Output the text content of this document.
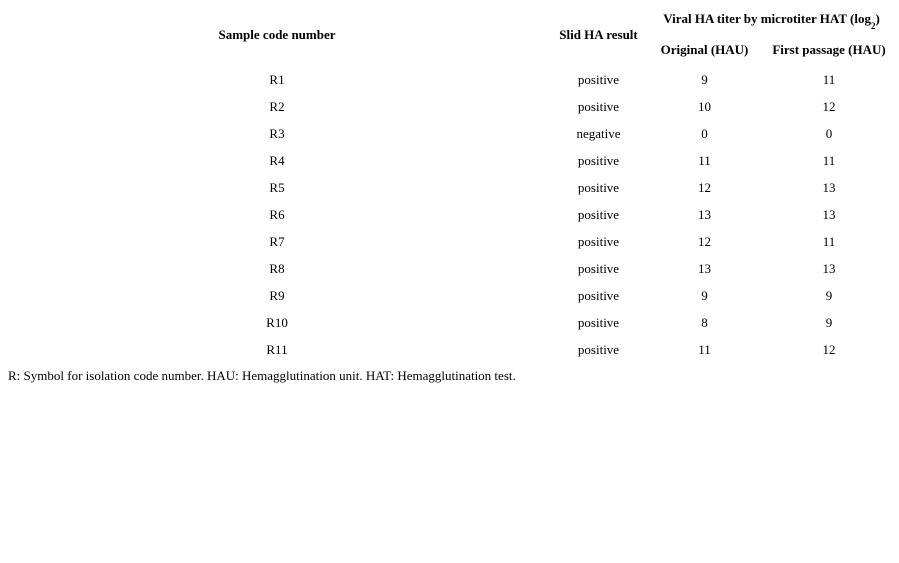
Sample code number	Slid HA result	Viral HA titer by microtiter HAT $(\log_2)$	
		Original (HAU)	First passage (HAU)
R1	positive	9	11
R2	positive	10	12
R3	negative	0	0
R4	positive	11	11
R5	positive	12	13
R6	positive	13	13
R7	positive	12	11
R8	positive	13	13
R9	positive	9	9
R10	positive	8	9
R11	positive	11	12
R: Symbol for isolation code number. HAU: Hemagglutination unit. HAT: Hemagglutination test.
